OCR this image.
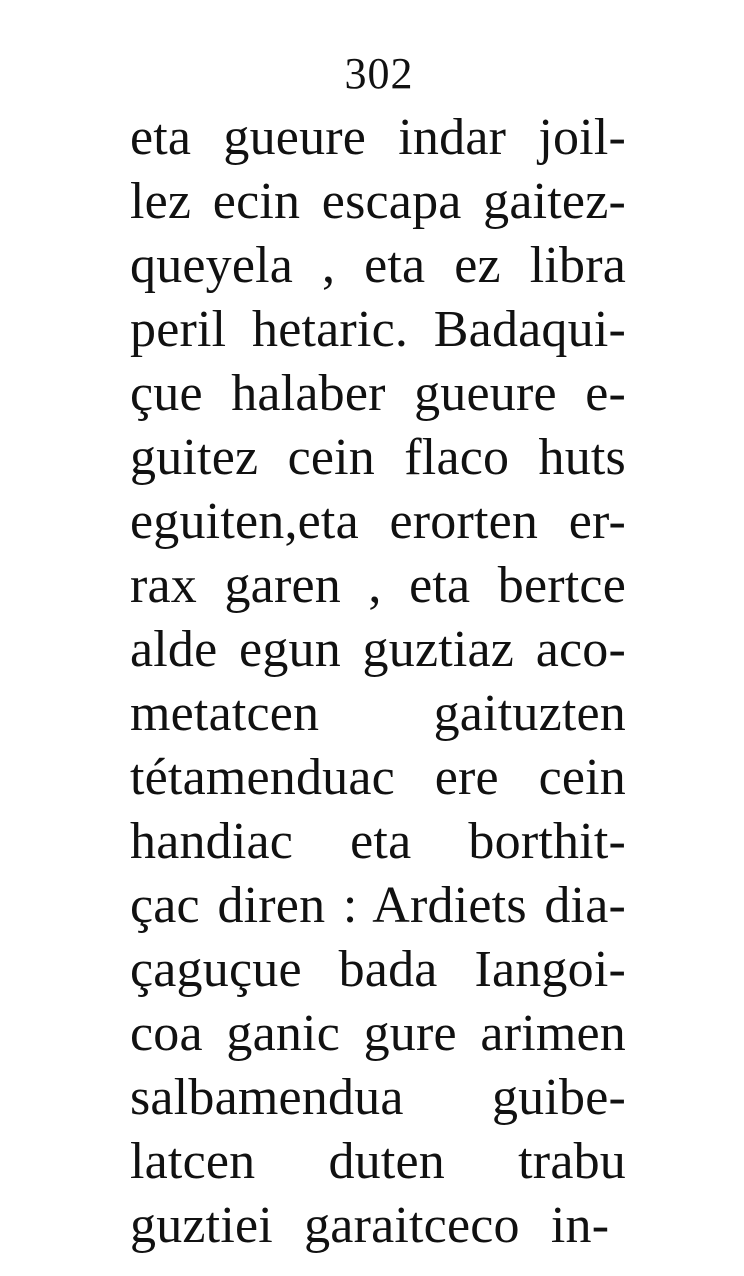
302
eta gueure indar joil-
lez ecin escapa gaitez-
queyela , eta ez libra
peril hetaric. Badaqui-
çue halaber gueure e-
guitez cein flaco huts
eguiten,eta erorten er-
rax garen , eta bertce
alde egun guztiaz aco-
metatcen gaituzten
tétamenduac ere cein
handiac eta borthit-
çac diren : Ardiets dia-
çaguçue bada Iangoi-
coa ganic gure arimen
salbamendua guibe-
latcen duten trabu
guztiei garaitceco in-
